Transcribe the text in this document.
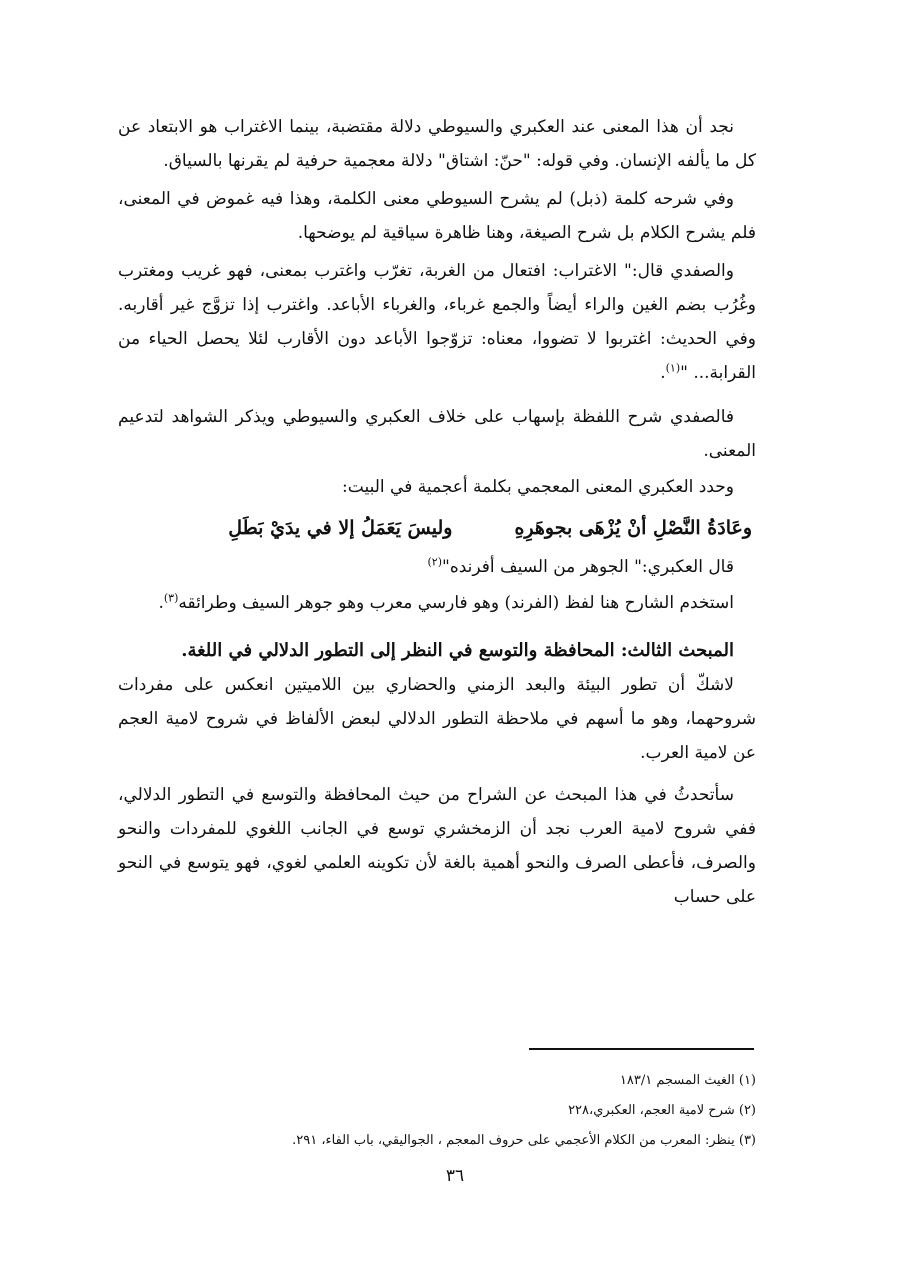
نجد أن هذا المعنى عند العكبري والسيوطي دلالة مقتضبة، بينما الاغتراب هو الابتعاد عن كل ما يألفه الإنسان. وفي قوله: "حنّ: اشتاق" دلالة معجمية حرفية لم يقرنها بالسياق.

وفي شرحه كلمة (ذبل) لم يشرح السيوطي معنى الكلمة، وهذا فيه غموض في المعنى، فلم يشرح الكلام بل شرح الصيغة، وهنا ظاهرة سياقية لم يوضحها.

والصفدي قال:" الاغتراب: افتعال من الغربة، تغرّب واغترب بمعنى، فهو غريب ومغترب وغُرُب بضم الغين والراء أيضاً والجمع غرباء، والغرباء الأباعد. واغترب إذا تزوَّج غير أقاربه. وفي الحديث: اغتربوا لا تضووا، معناه: تزوّجوا الأباعد دون الأقارب لئلا يحصل الحياء من القرابة... "$^{(١)}$.

فالصفدي شرح اللفظة بإسهاب على خلاف العكبري والسيوطي ويذكر الشواهد لتدعيم المعنى.

وحدد العكبري المعنى المعجمي بكلمة أعجمية في البيت:

وعَادَةُ النَّصْلِ أنْ يُزْهَى بجوهَرِهِ
وليسَ يَعَمَلُ إلا في يدَيْ بَطَلِ

قال العكبري:" الجوهر من السيف أفرنده"$^{(٢)}$

استخدم الشارح هنا لفظ (الفرند) وهو فارسي معرب وهو جوهر السيف وطرائقه$^{(٣)}$.

المبحث الثالث: المحافظة والتوسع في النظر إلى التطور الدلالي في اللغة.

لاشكّ أن تطور البيئة والبعد الزمني والحضاري بين اللاميتين انعكس على مفردات شروحهما، وهو ما أسهم في ملاحظة التطور الدلالي لبعض الألفاظ في شروح لامية العجم عن لامية العرب.

سأتحدثُ في هذا المبحث عن الشراح من حيث المحافظة والتوسع في التطور الدلالي، ففي شروح لامية العرب نجد أن الزمخشري توسع في الجانب اللغوي للمفردات والنحو والصرف، فأعطى الصرف والنحو أهمية بالغة لأن تكوينه العلمي لغوي، فهو يتوسع في النحو على حساب

(١) الغيث المسجم ١٨٣/١
(٢) شرح لامية العجم، العكبري،٢٢٨
(٣) ينظر: المعرب من الكلام الأعجمي على حروف المعجم ، الجواليقي، باب الفاء، ٢٩١.
٣٦
